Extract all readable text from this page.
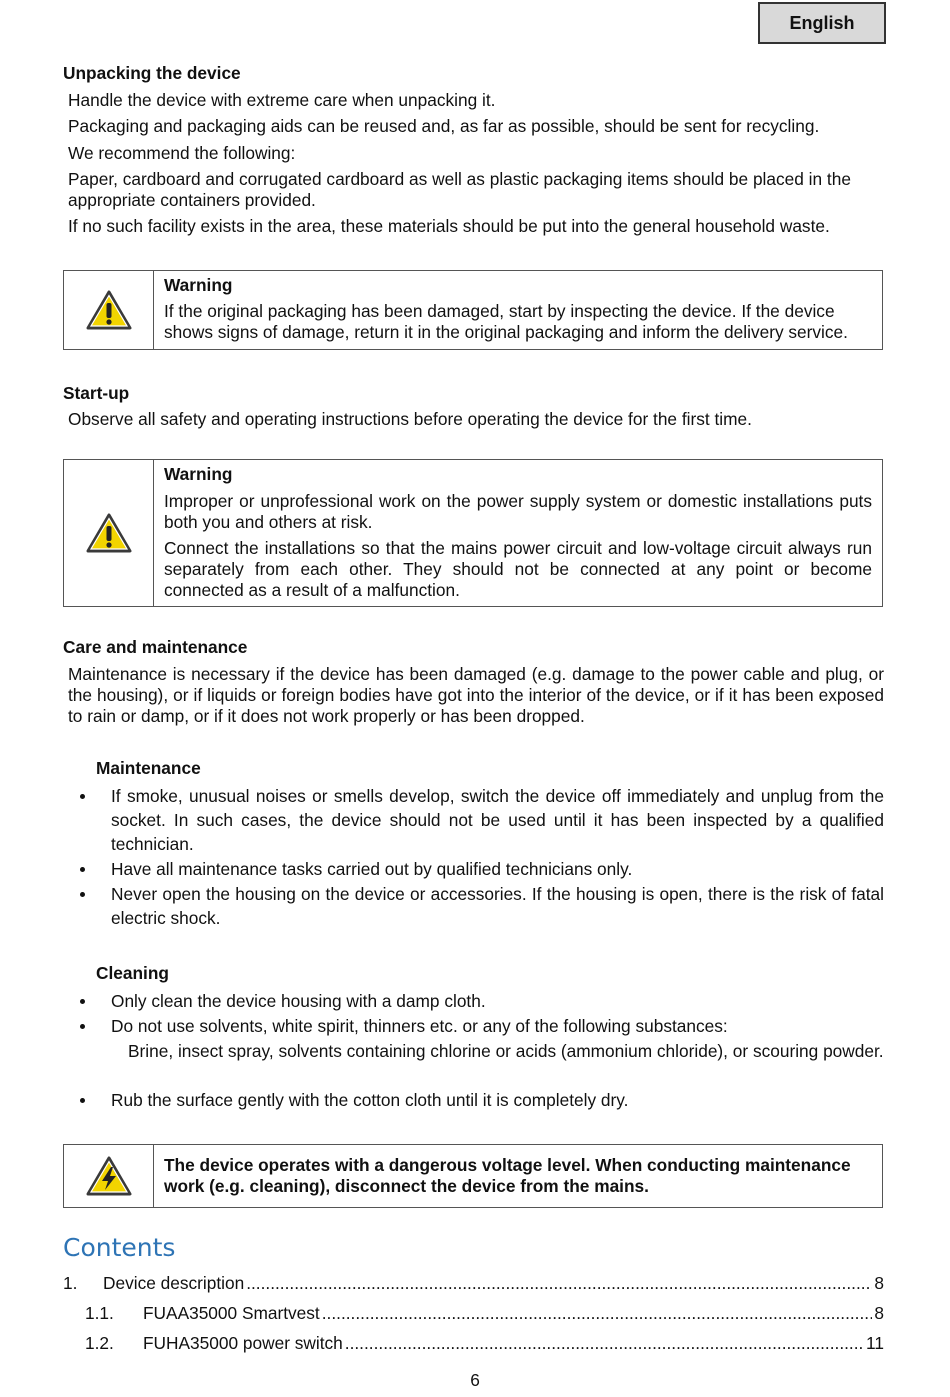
English
Unpacking the device
Handle the device with extreme care when unpacking it.
Packaging and packaging aids can be reused and, as far as possible, should be sent for recycling.
We recommend the following:
Paper, cardboard and corrugated cardboard as well as plastic packaging items should be placed in the appropriate containers provided.
If no such facility exists in the area, these materials should be put into the general household waste.

Warning

If the original packaging has been damaged, start by inspecting the device. If the device shows signs of damage, return it in the original packaging and inform the delivery service.

Start-up
Observe all safety and operating instructions before operating the device for the first time.

Warning

Improper or unprofessional work on the power supply system or domestic installations puts both you and others at risk.

Connect the installations so that the mains power circuit and low-voltage circuit always run separately from each other. They should not be connected at any point or become connected as a result of a malfunction.

Care and maintenance
Maintenance is necessary if the device has been damaged (e.g. damage to the power cable and plug, or the housing), or if liquids or foreign bodies have got into the interior of the device, or if it has been exposed to rain or damp, or if it does not work properly or has been dropped.
Maintenance
If smoke, unusual noises or smells develop, switch the device off immediately and unplug from the socket. In such cases, the device should not be used until it has been inspected by a qualified technician.
Have all maintenance tasks carried out by qualified technicians only.
Never open the housing on the device or accessories. If the housing is open, there is the risk of fatal electric shock.
Cleaning
Only clean the device housing with a damp cloth.
Do not use solvents, white spirit, thinners etc. or any of the following substances:
Brine, insect spray, solvents containing chlorine or acids (ammonium chloride), or scouring powder.
Rub the surface gently with the cotton cloth until it is completely dry.

The device operates with a dangerous voltage level. When conducting maintenance work (e.g. cleaning), disconnect the device from the mains.

Contents
1.	Device description .....	8
1.1.	FUAA35000 Smartvest .....	8
1.2.	FUHA35000 power switch .....	11
6
